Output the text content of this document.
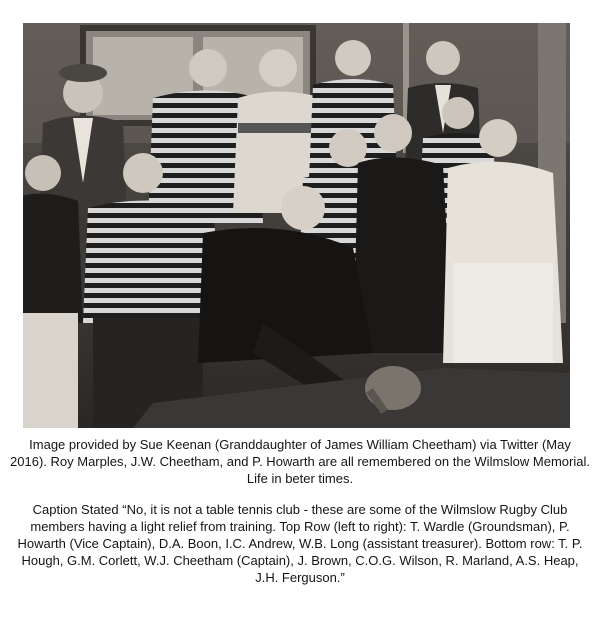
Image provided by Sue Keenan (Granddaughter of James William Cheetham) via Twitter (May 2016). Roy Marples, J.W. Cheetham, and P. Howarth are all remembered on the Wilmslow Memorial. Life in beter times.

Caption Stated “No, it is not a table tennis club - these are some of the Wilmslow Rugby Club members having a light relief from training. Top Row (left to right): T. Wardle (Groundsman), P. Howarth (Vice Captain), D.A. Boon, I.C. Andrew, W.B. Long (assistant treasurer). Bottom row: T. P. Hough, G.M. Corlett, W.J. Cheetham (Captain), J. Brown, C.O.G. Wilson, R. Marland, A.S. Heap, J.H. Ferguson.”
